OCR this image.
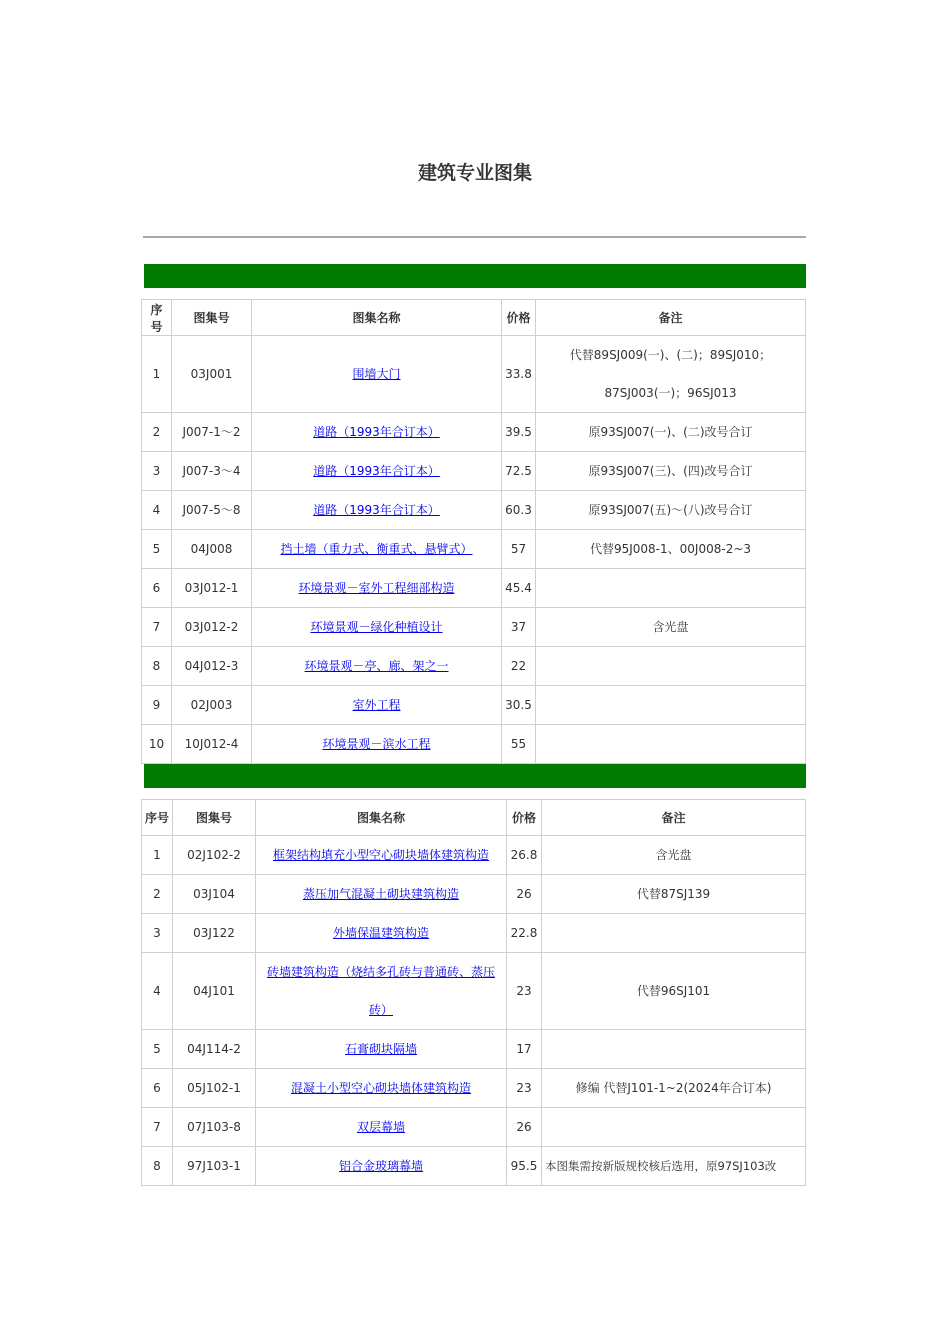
建筑专业图集
序号	图集号	图集名称	价格	备注
1	03J001	围墙大门	33.8	代替89SJ009(一)、(二)；89SJ010；
87SJ003(一)；96SJ013
2	J007-1～2	道路（1993年合订本）	39.5	原93SJ007(一)、(二)改号合订
3	J007-3～4	道路（1993年合订本）	72.5	原93SJ007(三)、(四)改号合订
4	J007-5～8	道路（1993年合订本）	60.3	原93SJ007(五)～(八)改号合订
5	04J008	挡土墙（重力式、衡重式、悬臂式）	57	代替95J008-1、00J008-2~3
6	03J012-1	环境景观－室外工程细部构造	45.4	
7	03J012-2	环境景观－绿化种植设计	37	含光盘
8	04J012-3	环境景观－亭、廊、架之一	22	
9	02J003	室外工程	30.5	
10	10J012-4	环境景观－滨水工程	55	
序号	图集号	图集名称	价格	备注
1	02J102-2	框架结构填充小型空心砌块墙体建筑构造	26.8	含光盘
2	03J104	蒸压加气混凝土砌块建筑构造	26	代替87SJ139
3	03J122	外墙保温建筑构造	22.8	
4	04J101	砖墙建筑构造（烧结多孔砖与普通砖、蒸压
砖）	23	代替96SJ101
5	04J114-2	石膏砌块隔墙	17	
6	05J102-1	混凝土小型空心砌块墙体建筑构造	23	修编 代替J101-1~2(2024年合订本)
7	07J103-8	双层幕墙	26	
8	97J103-1	铝合金玻璃幕墙	95.5	本图集需按新版规校核后选用，原97SJ103改
